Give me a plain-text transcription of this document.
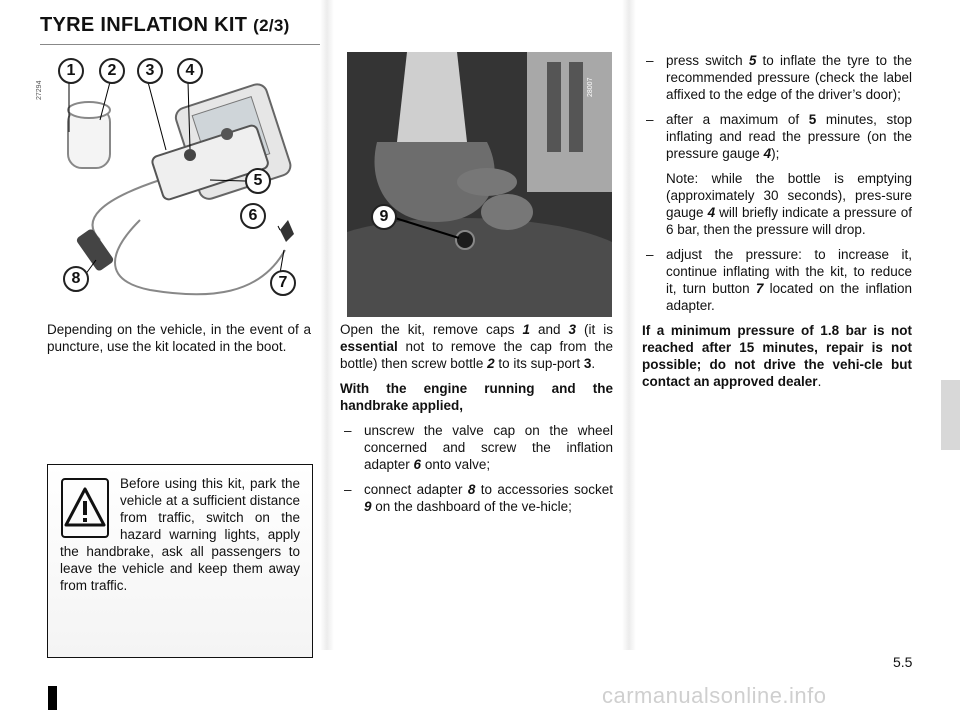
TYRE INFLATION KIT (2/3)
27294
1	2	3	4
5
6
7
8
28007
9

Depending on the vehicle, in the event of a puncture, use the kit located in the boot.

Before using this kit, park the vehicle at a sufficient distance from traffic, switch on the hazard warning lights, apply the handbrake, ask all passengers to leave the vehicle and keep them away from traffic.

Open the kit, remove caps 1 and 3 (it is essential not to remove the cap from the bottle) then screw bottle 2 to its sup-port 3.

With the engine running and the handbrake applied,

– unscrew the valve cap on the wheel concerned and screw the inflation adapter 6 onto valve;
– connect adapter 8 to accessories socket 9 on the dashboard of the ve-hicle;
– press switch 5 to inflate the tyre to the recommended pressure (check the label affixed to the edge of the driver’s door);
– after a maximum of 5 minutes, stop inflating and read the pressure (on the pressure gauge 4);
Note: while the bottle is emptying (approximately 30 seconds), pres-sure gauge 4 will briefly indicate a pressure of 6 bar, then the pressure will drop.
– adjust the pressure: to increase it, continue inflating with the kit, to reduce it, turn button 7 located on the inflation adapter.

If a minimum pressure of 1.8 bar is not reached after 15 minutes, repair is not possible; do not drive the vehi-cle but contact an approved dealer.

5.5
carmanualsonline.info
